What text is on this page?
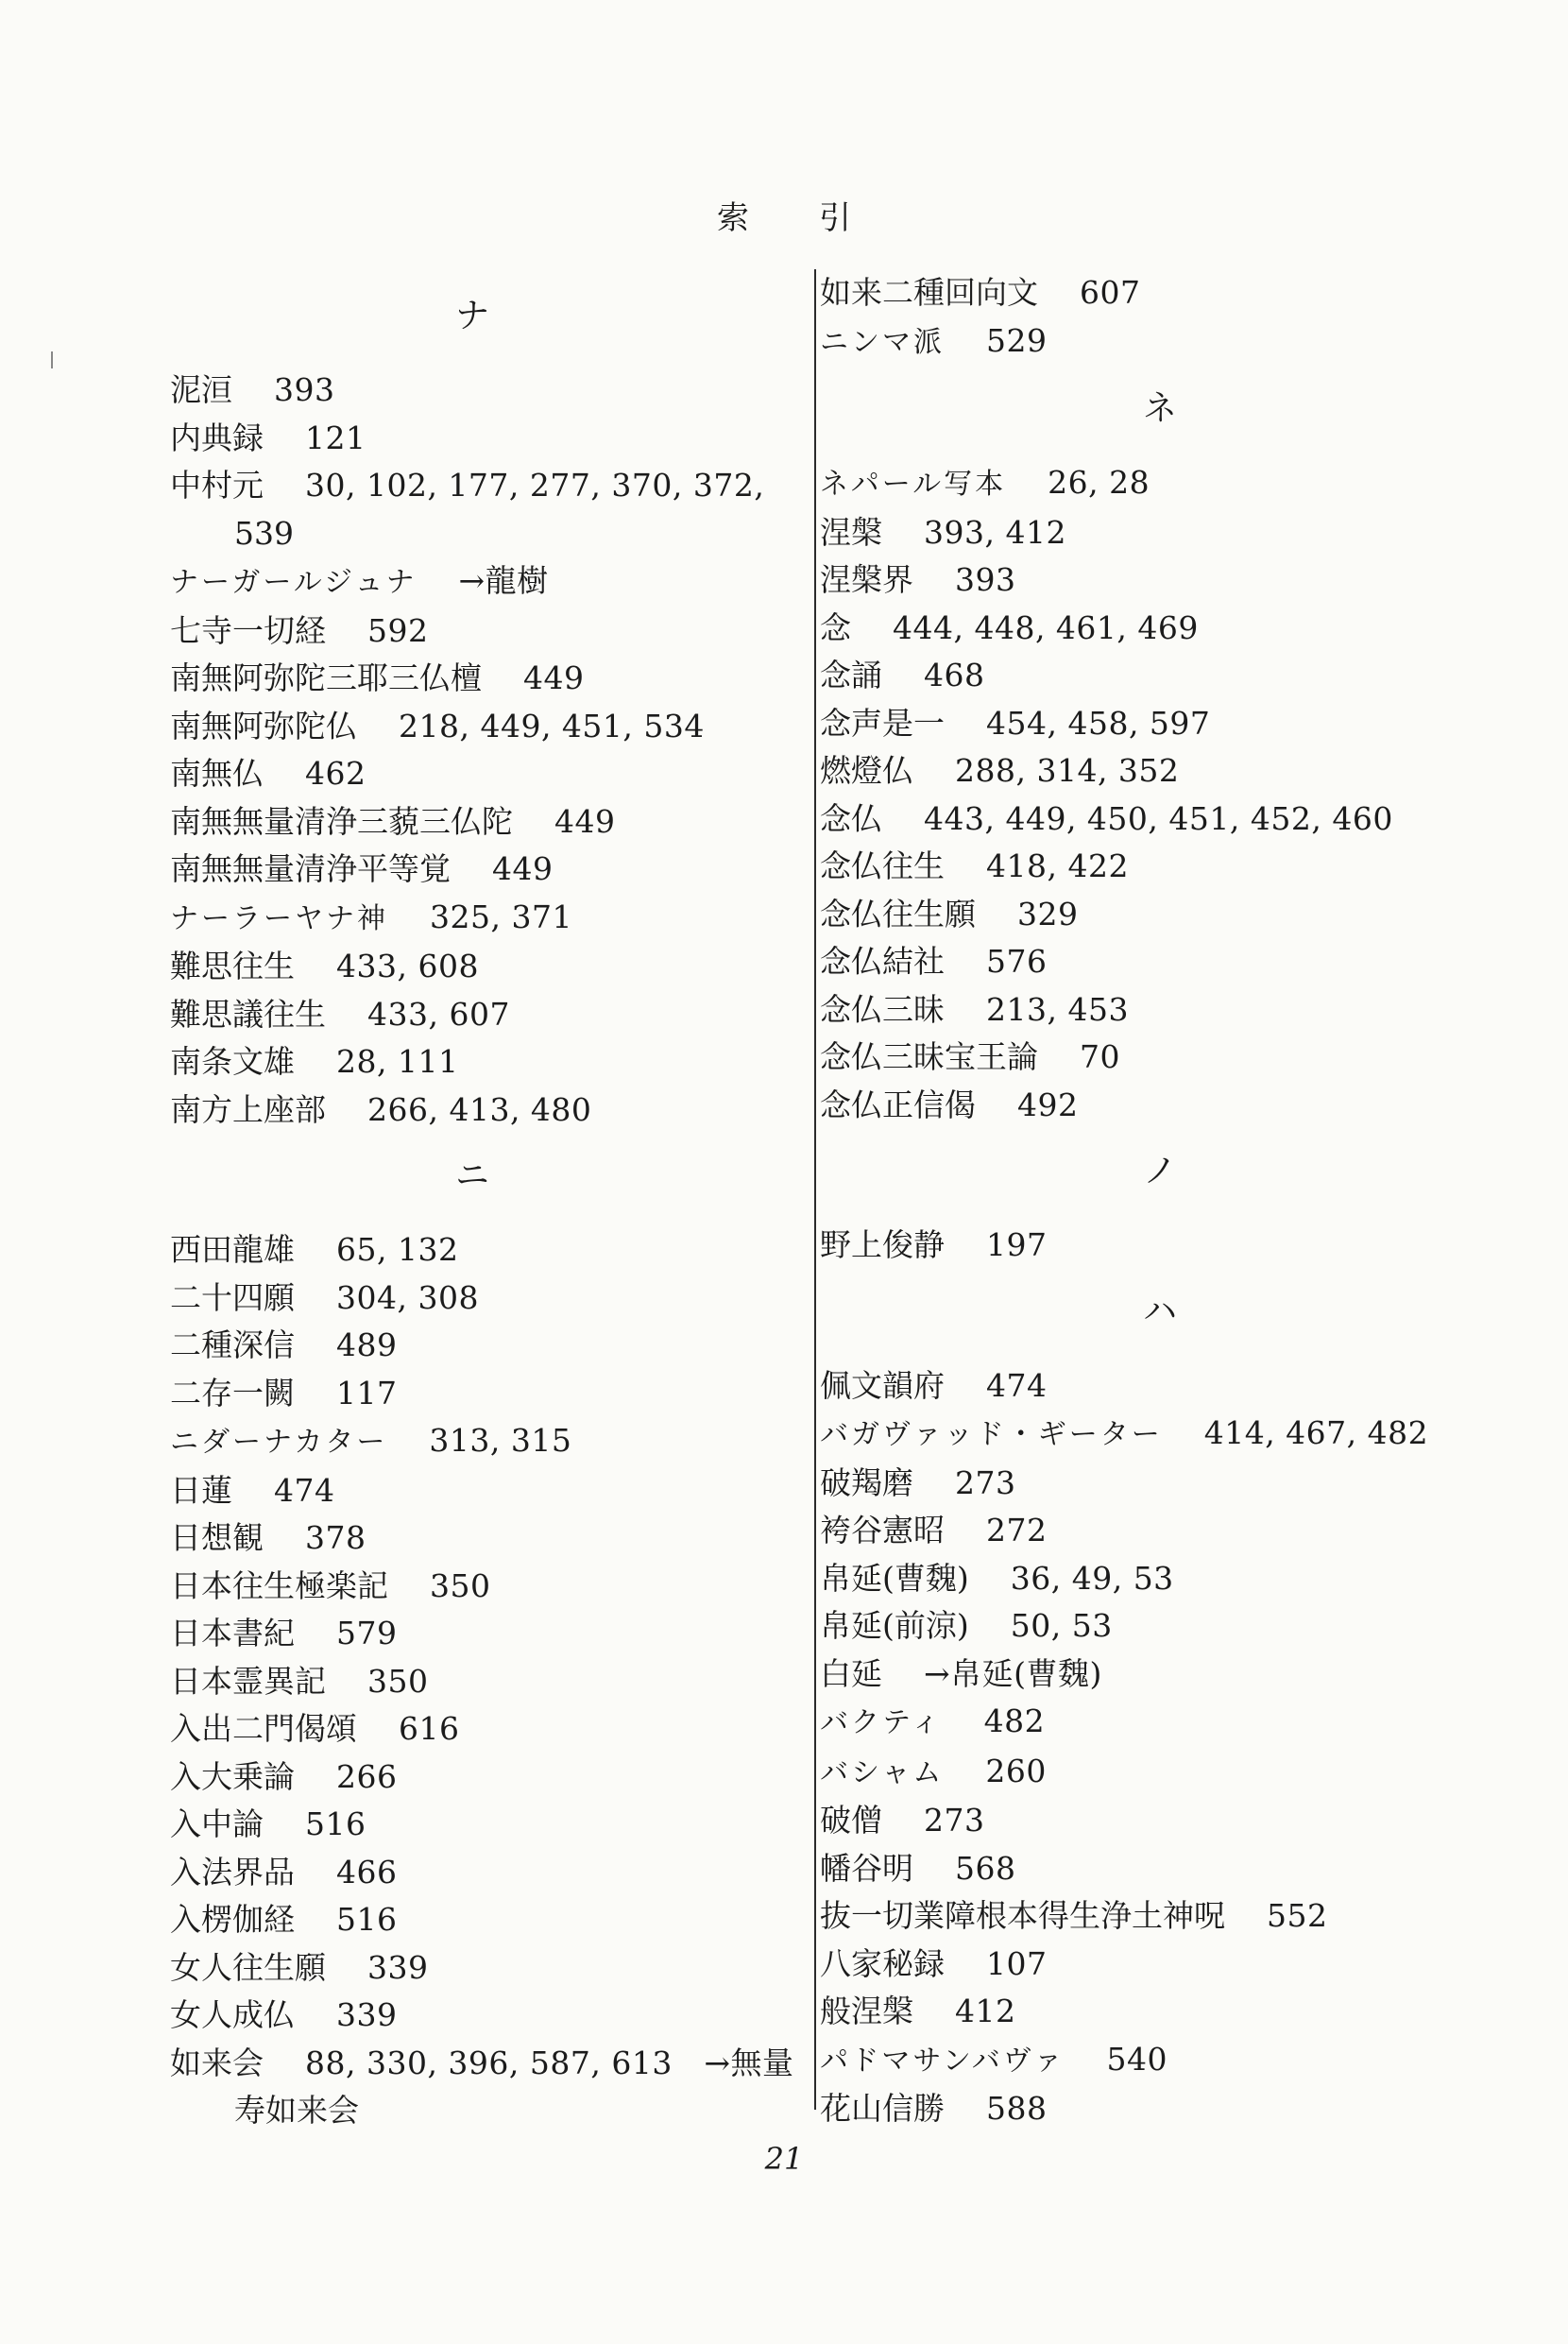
索引
ナ
泥洹 393
内典録 121
中村元 30, 102, 177, 277, 370, 372,
539
ナーガールジュナ →龍樹
七寺一切経 592
南無阿弥陀三耶三仏檀 449
南無阿弥陀仏 218, 449, 451, 534
南無仏 462
南無無量清浄三藐三仏陀 449
南無無量清浄平等覚 449
ナーラーヤナ神 325, 371
難思往生 433, 608
難思議往生 433, 607
南条文雄 28, 111
南方上座部 266, 413, 480
ニ
西田龍雄 65, 132
二十四願 304, 308
二種深信 489
二存一闕 117
ニダーナカター 313, 315
日蓮 474
日想観 378
日本往生極楽記 350
日本書紀 579
日本霊異記 350
入出二門偈頌 616
入大乗論 266
入中論 516
入法界品 466
入楞伽経 516
女人往生願 339
女人成仏 339
如来会 88, 330, 396, 587, 613　→無量
寿如来会
如来二種回向文 607
ニンマ派 529
ネ
ネパール写本 26, 28
涅槃 393, 412
涅槃界 393
念 444, 448, 461, 469
念誦 468
念声是一 454, 458, 597
燃燈仏 288, 314, 352
念仏 443, 449, 450, 451, 452, 460
念仏往生 418, 422
念仏往生願 329
念仏結社 576
念仏三昧 213, 453
念仏三昧宝王論 70
念仏正信偈 492
ノ
野上俊静 197
ハ
佩文韻府 474
バガヴァッド・ギーター 414, 467, 482
破羯磨 273
袴谷憲昭 272
帛延(曹魏) 36, 49, 53
帛延(前涼) 50, 53
白延 →帛延(曹魏)
バクティ 482
バシャム 260
破僧 273
幡谷明 568
抜一切業障根本得生浄土神呪 552
八家秘録 107
般涅槃 412
パドマサンバヴァ 540
花山信勝 588
21
